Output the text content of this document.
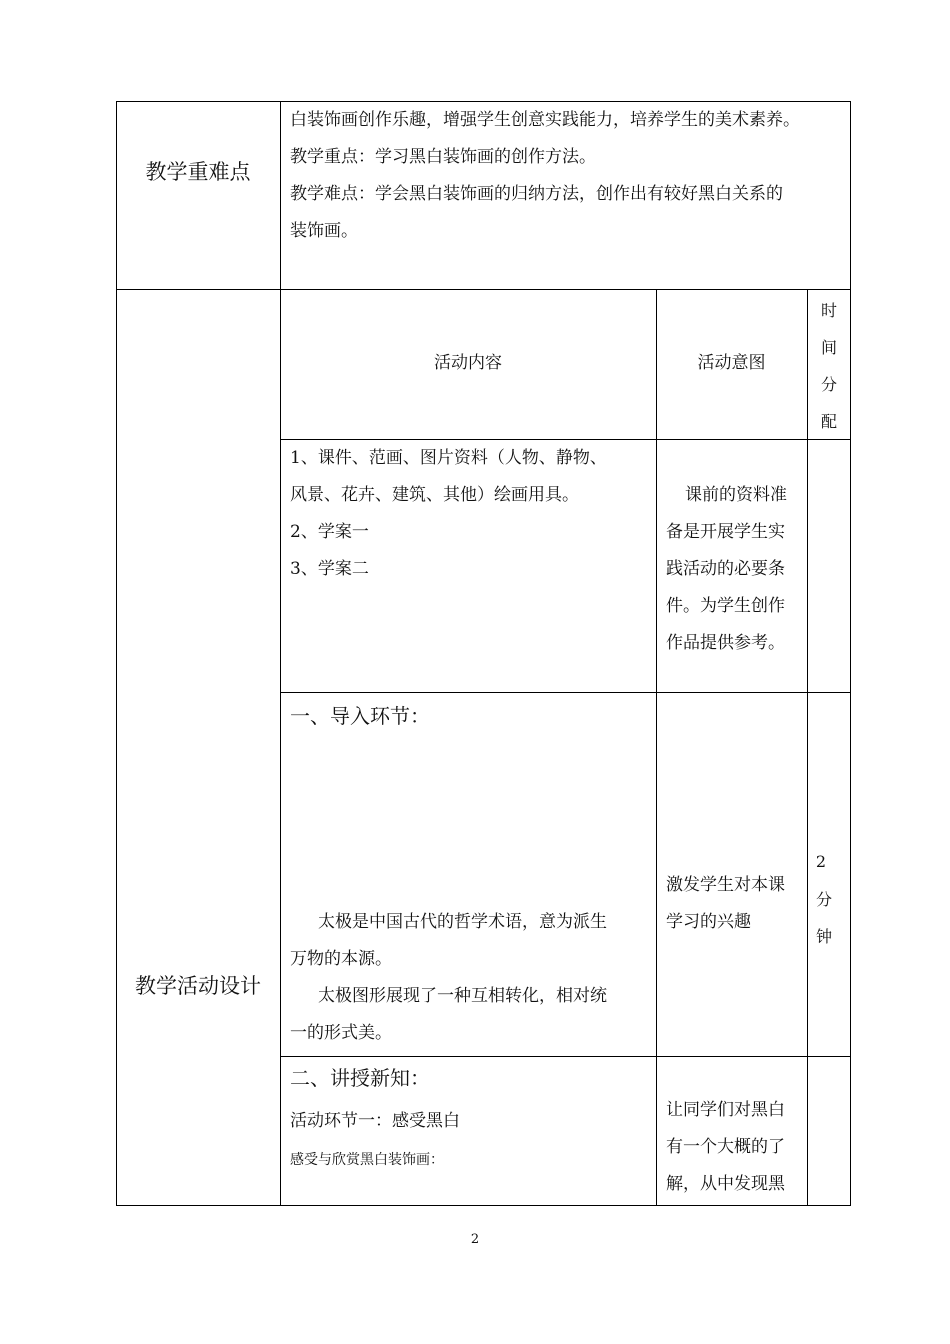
教学重难点
白装饰画创作乐趣，增强学生创意实践能力，培养学生的美术素养。
教学重点：学习黑白装饰画的创作方法。
教学难点：学会黑白装饰画的归纳方法，创作出有较好黑白关系的
装饰画。
教学活动设计
活动内容	活动意图
时
间
分
配
1、课件、范画、图片资料（人物、静物、
风景、花卉、建筑、其他）绘画用具。
2、学案一
3、学案二
课前的资料准
备是开展学生实
践活动的必要条
件。为学生创作
作品提供参考。
一、导入环节：
太极是中国古代的哲学术语，意为派生
万物的本源。
太极图形展现了一种互相转化，相对统
一的形式美。
激发学生对本课
学习的兴趣
2
分
钟
二、讲授新知：
活动环节一：感受黑白
感受与欣赏黑白装饰画：
让同学们对黑白
有一个大概的了
解，从中发现黑
2
